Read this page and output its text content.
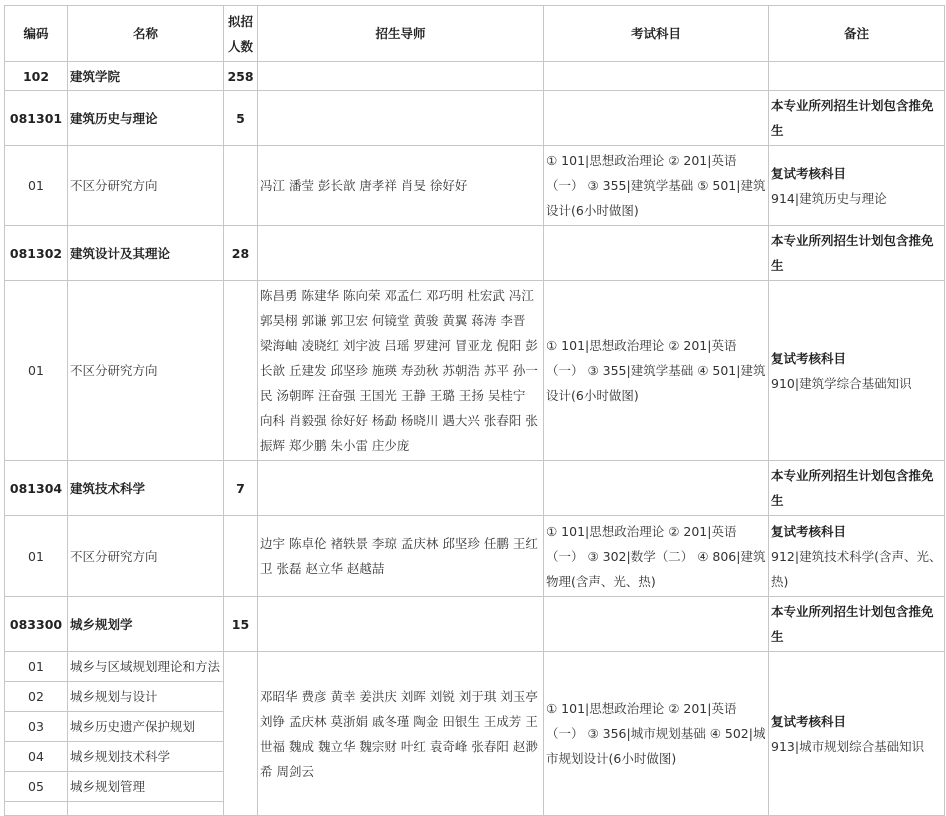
编码	名称	拟招人数	招生导师	考试科目	备注
102	建筑学院	258			
081301	建筑历史与理论	5			本专业所列招生计划包含推免生
01	不区分研究方向		冯江 潘莹 彭长歆 唐孝祥 肖旻 徐好好	① 101|思想政治理论 ② 201|英语（一） ③ 355|建筑学基础 ⑤ 501|建筑设计(6小时做图)	复试考核科目
914|建筑历史与理论

081302	建筑设计及其理论	28			本专业所列招生计划包含推免生
01	不区分研究方向		陈昌勇 陈建华 陈向荣 邓孟仁 邓巧明 杜宏武 冯江 郭昊栩 郭谦 郭卫宏 何镜堂 黄骏 黄翼 蒋涛 李晋 梁海岫 凌晓红 刘宇波 吕瑶 罗建河 冒亚龙 倪阳 彭长歆 丘建发 邱坚珍 施瑛 寿劲秋 苏朝浩 苏平 孙一民 汤朝晖 汪奋强 王国光 王静 王璐 王扬 吴桂宁 向科 肖毅强 徐好好 杨勐 杨晓川 遇大兴 张春阳 张振辉 郑少鹏 朱小雷 庄少庞	① 101|思想政治理论 ② 201|英语（一） ③ 355|建筑学基础 ④ 501|建筑设计(6小时做图)	复试考核科目
910|建筑学综合基础知识

081304	建筑技术科学	7			本专业所列招生计划包含推免生
01	不区分研究方向		边宇 陈卓伦 褚轶景 李琼 孟庆林 邱坚珍 任鹏 王红卫 张磊 赵立华 赵越喆	① 101|思想政治理论 ② 201|英语（一） ③ 302|数学（二） ④ 806|建筑物理(含声、光、热)	复试考核科目
912|建筑技术科学(含声、光、热)

083300	城乡规划学	15			本专业所列招生计划包含推免生
01	城乡与区域规划理论和方法		邓昭华 费彦 黄幸 姜洪庆 刘晖 刘锐 刘于琪 刘玉亭 刘铮 孟庆林 莫浙娟 戚冬瑾 陶金 田银生 王成芳 王世福 魏成 魏立华 魏宗财 叶红 袁奇峰 张春阳 赵渺希 周剑云	① 101|思想政治理论 ② 201|英语（一） ③ 356|城市规划基础 ④ 502|城市规划设计(6小时做图)	复试考核科目
913|城市规划综合基础知识

02	城乡规划与设计				
03	城乡历史遗产保护规划				
04	城乡规划技术科学				
05	城乡规划管理				
